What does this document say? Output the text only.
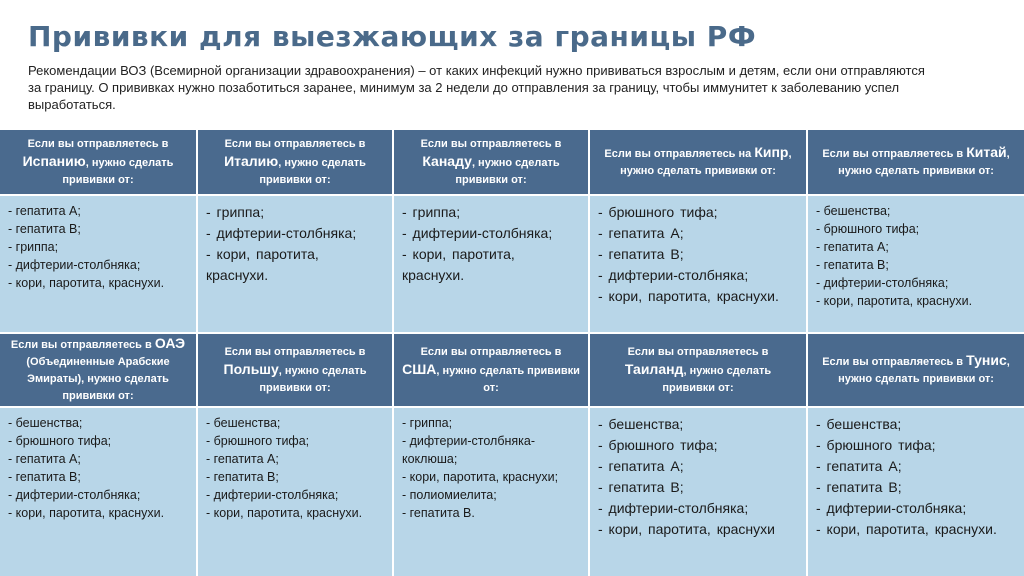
Прививки для выезжающих за границы РФ
Рекомендации ВОЗ (Всемирной организации здравоохранения) – от каких инфекций нужно прививаться взрослым и детям, если они отправляются за границу. О прививках нужно позаботиться заранее, минимум за 2 недели до отправления за границу, чтобы иммунитет к заболеванию успел выработаться.
Если вы отправляетесь в Испанию, нужно сделать прививки от:
Если вы отправляетесь в Италию, нужно сделать прививки от:
Если вы отправляетесь в Канаду, нужно сделать прививки от:
Если вы отправляетесь на Кипр, нужно сделать прививки от:
Если вы отправляетесь в Китай, нужно сделать прививки от:
- гепатита А;
- гепатита В;
- гриппа;
- дифтерии-столбняка;
- кори, паротита, краснухи.
- гриппа;
- дифтерии-столбняка;
- кори, паротита,
краснухи.
- гриппа;
- дифтерии-столбняка;
- кори, паротита,
краснухи.
- брюшного тифа;
- гепатита А;
- гепатита В;
- дифтерии-столбняка;
- кори, паротита, краснухи.
- бешенства;
- брюшного тифа;
- гепатита А;
- гепатита В;
- дифтерии-столбняка;
- кори, паротита, краснухи.
Если вы отправляетесь в ОАЭ (Объединенные Арабские Эмираты), нужно сделать прививки от:
Если вы отправляетесь в Польшу, нужно сделать прививки от:
Если вы отправляетесь в США, нужно сделать прививки от:
Если вы отправляетесь в Таиланд, нужно сделать прививки от:
Если вы отправляетесь в Тунис, нужно сделать прививки от:
- бешенства;
- брюшного тифа;
- гепатита А;
- гепатита В;
- дифтерии-столбняка;
- кори, паротита, краснухи.
- бешенства;
- брюшного тифа;
- гепатита А;
- гепатита В;
- дифтерии-столбняка;
- кори, паротита, краснухи.
- гриппа;
- дифтерии-столбняка-
коклюша;
- кори, паротита, краснухи;
- полиомиелита;
- гепатита В.
- бешенства;
- брюшного тифа;
- гепатита А;
- гепатита В;
- дифтерии-столбняка;
- кори, паротита, краснухи
- бешенства;
- брюшного тифа;
- гепатита А;
- гепатита В;
- дифтерии-столбняка;
- кори, паротита, краснухи.
